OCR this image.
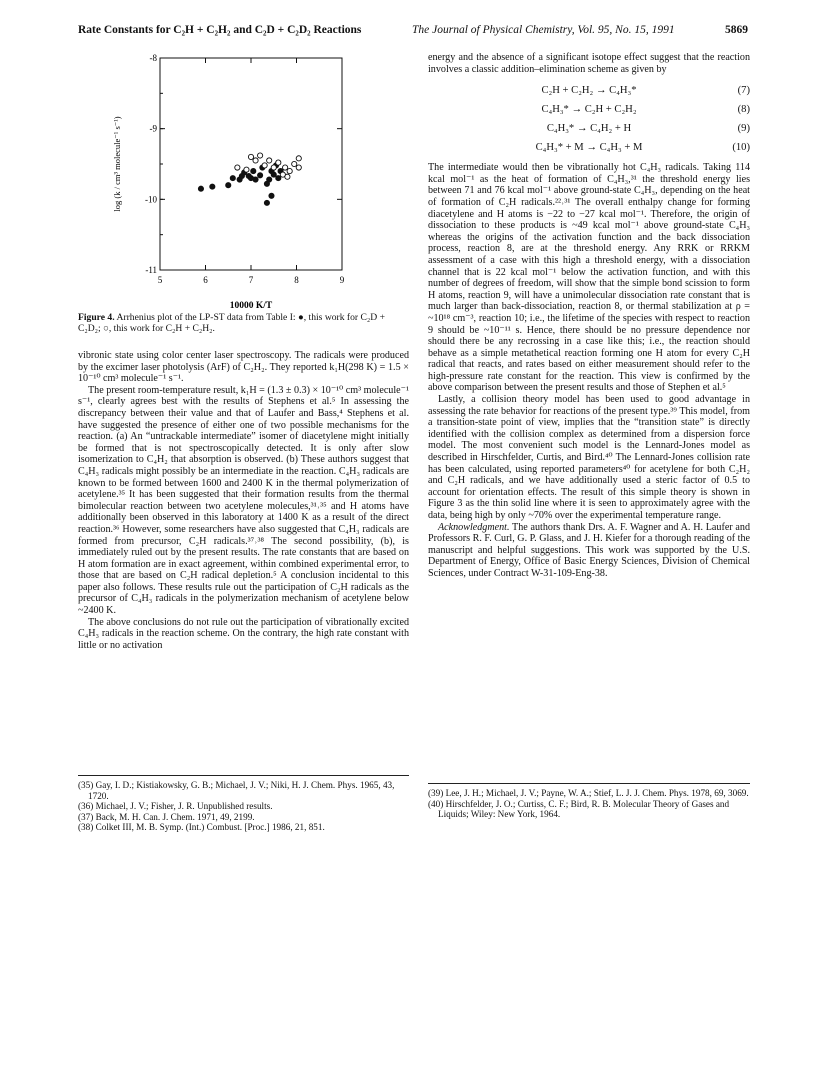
Rate Constants for C₂H + C₂H₂ and C₂D + C₂D₂ Reactions	The Journal of Physical Chemistry, Vol. 95, No. 15, 1991	5869
5	6	7	8	9
-8
-9
-10
-11
10000 K/T
log (k / cm³ molecule⁻¹ s⁻¹)
Figure 4. Arrhenius plot of the LP-ST data from Table I: ●, this work for C₂D + C₂D₂; ○, this work for C₂H + C₂H₂.

vibronic state using color center laser spectroscopy. The radicals were produced by the excimer laser photolysis (ArF) of C₂H₂. They reported k₁H(298 K) = 1.5 × 10⁻¹⁰ cm³ molecule⁻¹ s⁻¹.

The present room-temperature result, k₁H = (1.3 ± 0.3) × 10⁻¹⁰ cm³ molecule⁻¹ s⁻¹, clearly agrees best with the results of Stephens et al.⁵ In assessing the discrepancy between their value and that of Laufer and Bass,⁴ Stephens et al. have suggested the presence of either one of two possible mechanisms for the reaction. (a) An “untrackable intermediate” isomer of diacetylene might initially be formed that is not spectroscopically detected. It is only after slow isomerization to C₄H₂ that absorption is observed. (b) These authors suggest that C₄H₃ radicals might possibly be an intermediate in the reaction. C₄H₃ radicals are known to be formed between 1600 and 2400 K in the thermal polymerization of acetylene.³⁵ It has been suggested that their formation results from the thermal bimolecular reaction between two acetylene molecules,³¹˒³⁵ and H atoms have additionally been observed in this laboratory at 1400 K as a result of the direct reaction.³⁶ However, some researchers have also suggested that C₄H₃ radicals are formed from precursor, C₂H radicals.³⁷˒³⁸ The second possibility, (b), is immediately ruled out by the present results. The rate constants that are based on H atom formation are in exact agreement, within combined experimental error, to those that are based on C₂H radical depletion.⁵ A conclusion incidental to this paper also follows. These results rule out the participation of C₂H radicals as the precursor of C₄H₃ radicals in the polymerization mechanism of acetylene below ~2400 K.

The above conclusions do not rule out the participation of vibrationally excited C₄H₃ radicals in the reaction scheme. On the contrary, the high rate constant with little or no activation

(35) Gay, I. D.; Kistiakowsky, G. B.; Michael, J. V.; Niki, H. J. Chem. Phys. 1965, 43, 1720.
(36) Michael, J. V.; Fisher, J. R. Unpublished results.
(37) Back, M. H. Can. J. Chem. 1971, 49, 2199.
(38) Colket III, M. B. Symp. (Int.) Combust. [Proc.] 1986, 21, 851.

energy and the absence of a significant isotope effect suggest that the reaction involves a classic addition–elimination scheme as given by

C₂H + C₂H₂ → C₄H₃*	(7)
C₄H₃* → C₂H + C₂H₂	(8)
C₄H₃* → C₄H₂ + H	(9)
C₄H₃* + M → C₄H₃ + M	(10)

The intermediate would then be vibrationally hot C₄H₃ radicals. Taking 114 kcal mol⁻¹ as the heat of formation of C₄H₃,³¹ the threshold energy lies between 71 and 76 kcal mol⁻¹ above ground-state C₄H₃, depending on the heat of formation of C₂H radicals.²²˒³¹ The overall enthalpy change for forming diacetylene and H atoms is −22 to −27 kcal mol⁻¹. Therefore, the origin of dissociation to these products is ~49 kcal mol⁻¹ above ground-state C₄H₃ whereas the origins of the activation function and the back dissociation process, reaction 8, are at the threshold energy. Any RRK or RRKM assessment of a case with this high a threshold energy, with a dissociation channel that is 22 kcal mol⁻¹ below the activation function, and with this number of degrees of freedom, will show that the simple bond scission to form H atoms, reaction 9, will have a unimolecular dissociation rate constant that is much larger than back-dissociation, reaction 8, or thermal stabilization at ρ = ~10¹⁸ cm⁻³, reaction 10; i.e., the lifetime of the species with respect to reaction 9 should be ~10⁻¹¹ s. Hence, there should be no pressure dependence nor should there be any recrossing in a case like this; i.e., the reaction should behave as a simple metathetical reaction forming one H atom for every C₂H radical that reacts, and rates based on either measurement should refer to the high-pressure rate constant for the reaction. This view is confirmed by the above comparison between the present results and those of Stephen et al.⁵

Lastly, a collision theory model has been used to good advantage in assessing the rate behavior for reactions of the present type.³⁹ This model, from a transition-state point of view, implies that the “transition state” is directly identified with the collision complex as determined from a dispersion force model. The most convenient such model is the Lennard-Jones model as described in Hirschfelder, Curtis, and Bird.⁴⁰ The Lennard-Jones collision rate has been calculated, using reported parameters⁴⁰ for acetylene for both C₂H₂ and C₂H radicals, and we have additionally used a steric factor of 0.5 to account for orientation effects. The result of this simple theory is shown in Figure 3 as the thin solid line where it is seen to approximately agree with the data, being high by only ~70% over the experimental temperature range.

Acknowledgment. The authors thank Drs. A. F. Wagner and A. H. Laufer and Professors R. F. Curl, G. P. Glass, and J. H. Kiefer for a thorough reading of the manuscript and helpful suggestions. This work was supported by the U.S. Department of Energy, Office of Basic Energy Sciences, Division of Chemical Sciences, under Contract W-31-109-Eng-38.

(39) Lee, J. H.; Michael, J. V.; Payne, W. A.; Stief, L. J. J. Chem. Phys. 1978, 69, 3069.
(40) Hirschfelder, J. O.; Curtiss, C. F.; Bird, R. B. Molecular Theory of Gases and Liquids; Wiley: New York, 1964.
